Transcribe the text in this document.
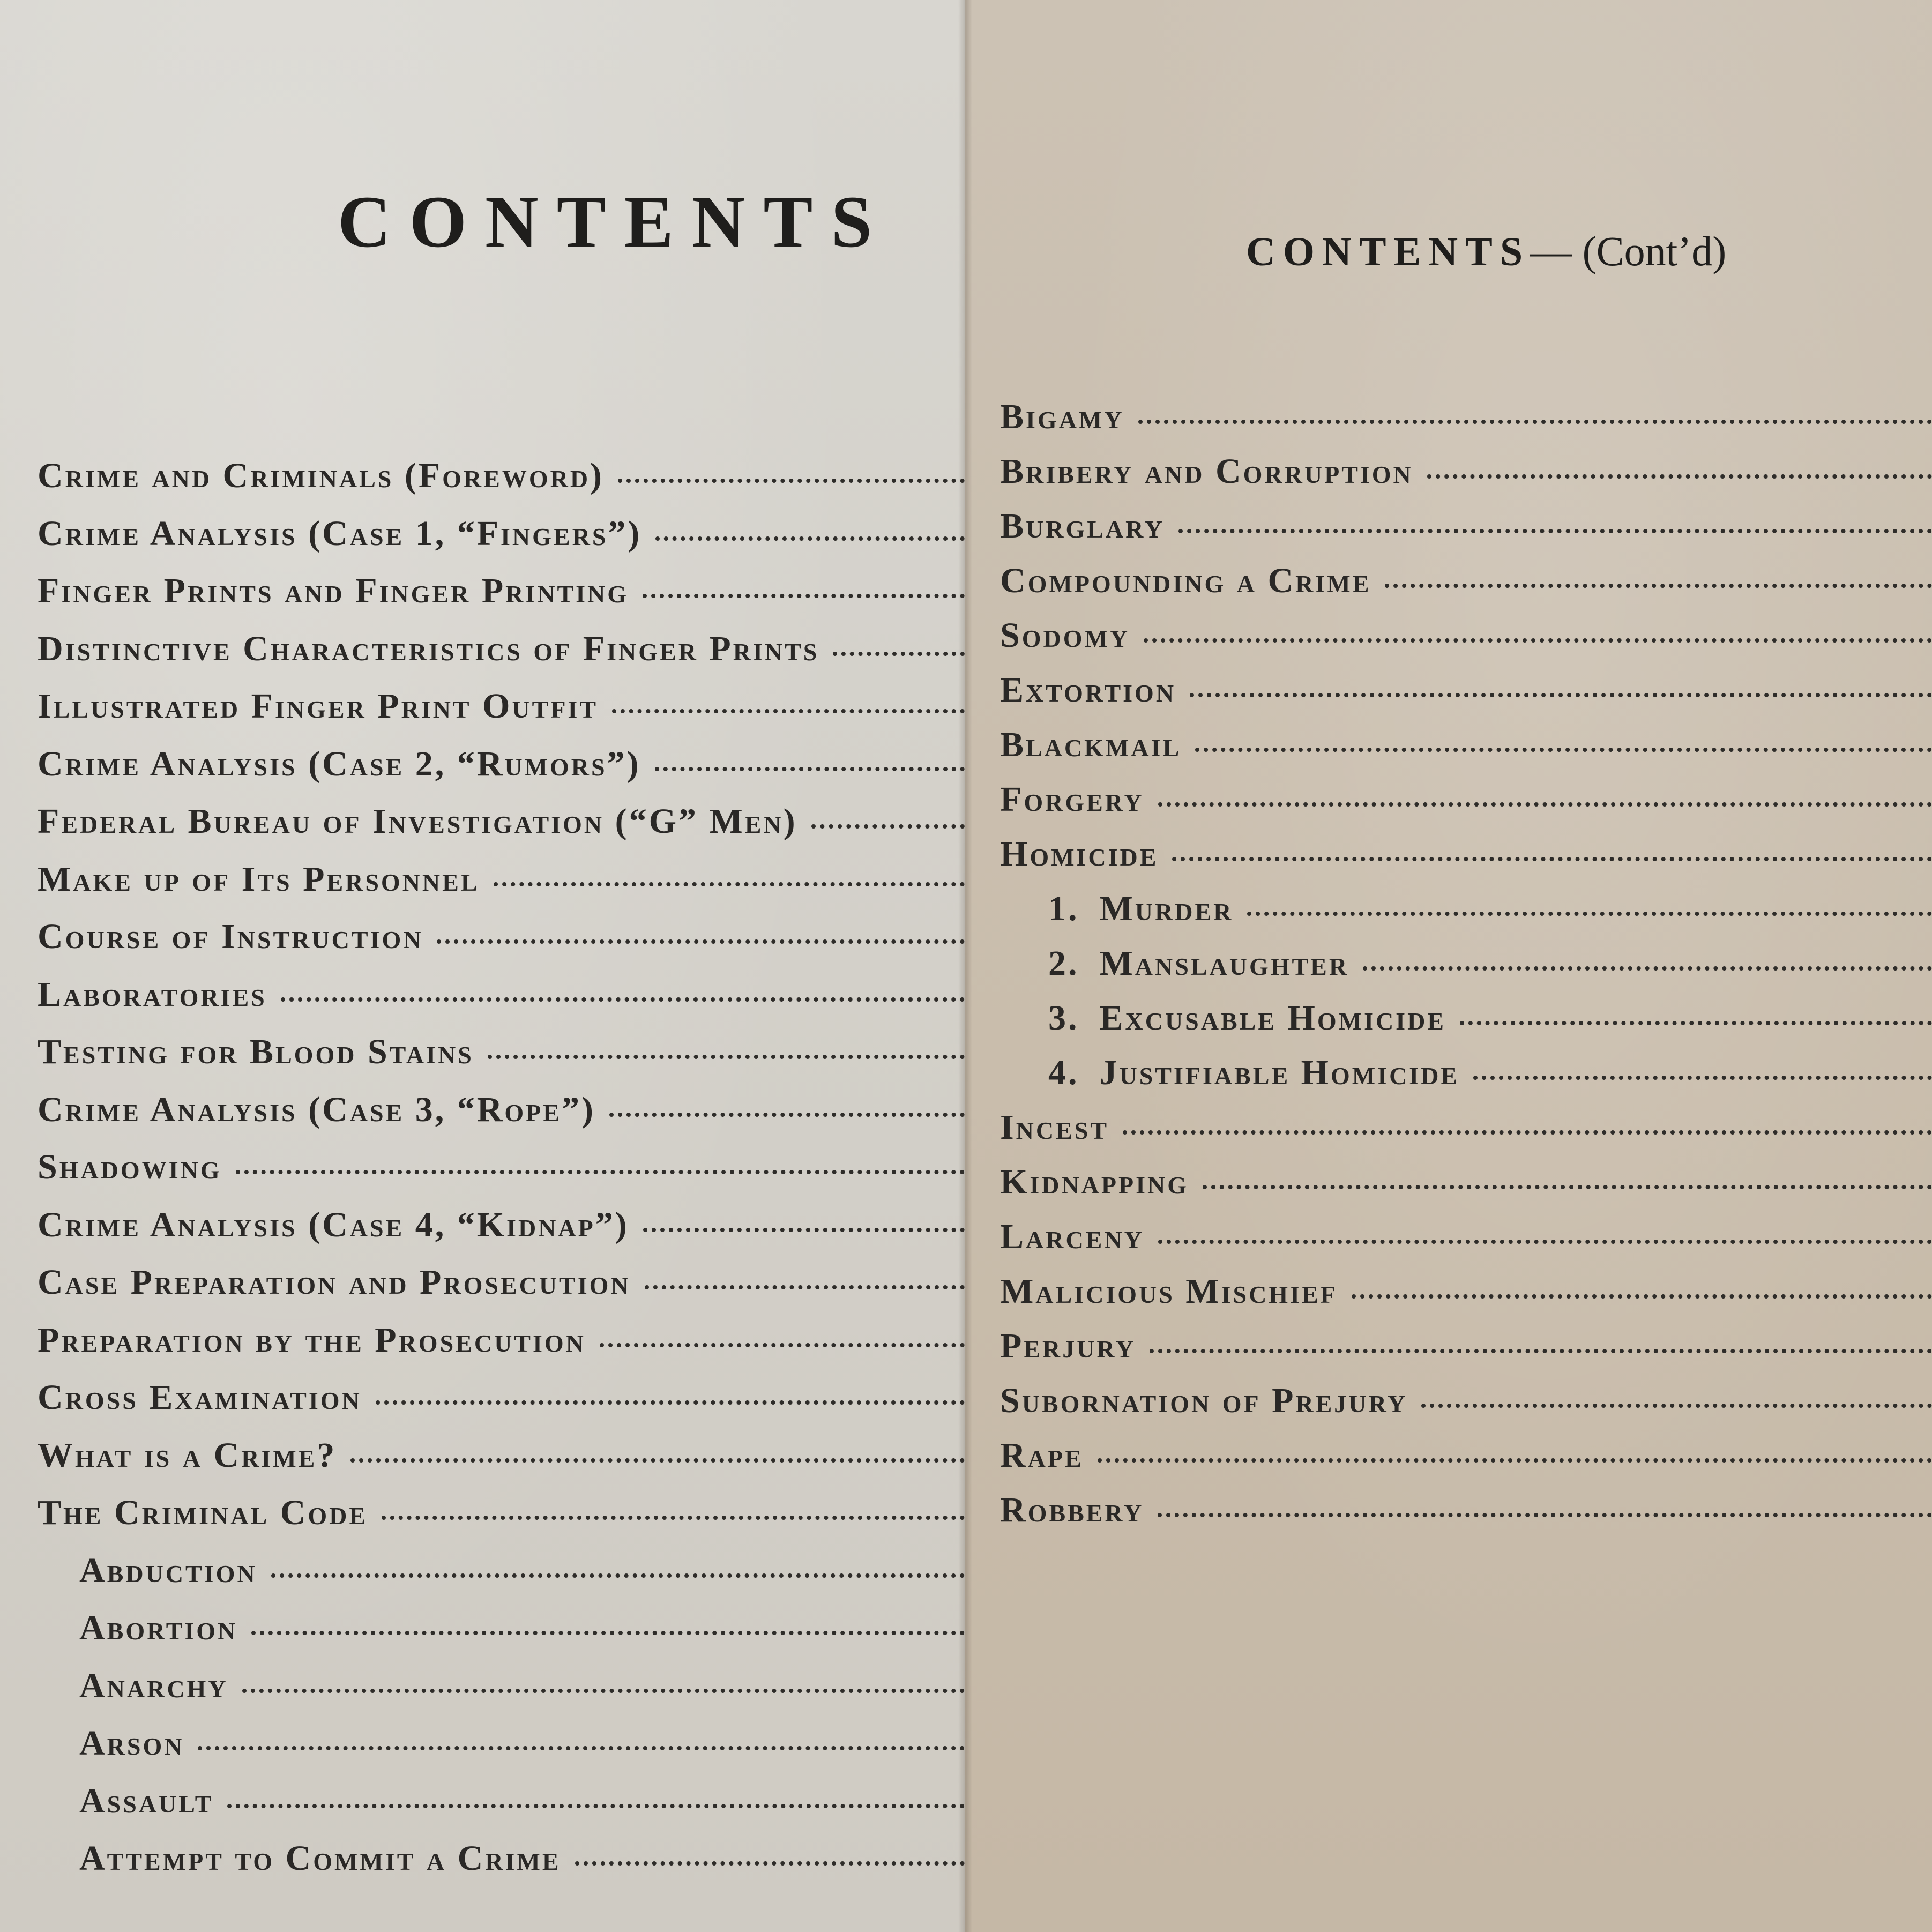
CONTENTS
Crime and Criminals (Foreword)
Crime Analysis (Case 1, “Fingers”)
Finger Prints and Finger Printing
Distinctive Characteristics of Finger Prints
Illustrated Finger Print Outfit
Crime Analysis (Case 2, “Rumors”)
Federal Bureau of Investigation (“G” Men)
Make up of Its Personnel
Course of Instruction
Laboratories
Testing for Blood Stains
Crime Analysis (Case 3, “Rope”)
Shadowing
Crime Analysis (Case 4, “Kidnap”)
Case Preparation and Prosecution
Preparation by the Prosecution
Cross Examination
What is a Crime?
The Criminal Code
Abduction
Abortion
Anarchy
Arson
Assault
Attempt to Commit a Crime
CONTENTS— (Cont’d)
Bigamy
Bribery and Corruption
Burglary
Compounding a Crime
Sodomy
Extortion
Blackmail
Forgery
Homicide
1. Murder
2. Manslaughter
3. Excusable Homicide
4. Justifiable Homicide
Incest
Kidnapping
Larceny
Malicious Mischief
Perjury
Subornation of Prejury
Rape
Robbery
